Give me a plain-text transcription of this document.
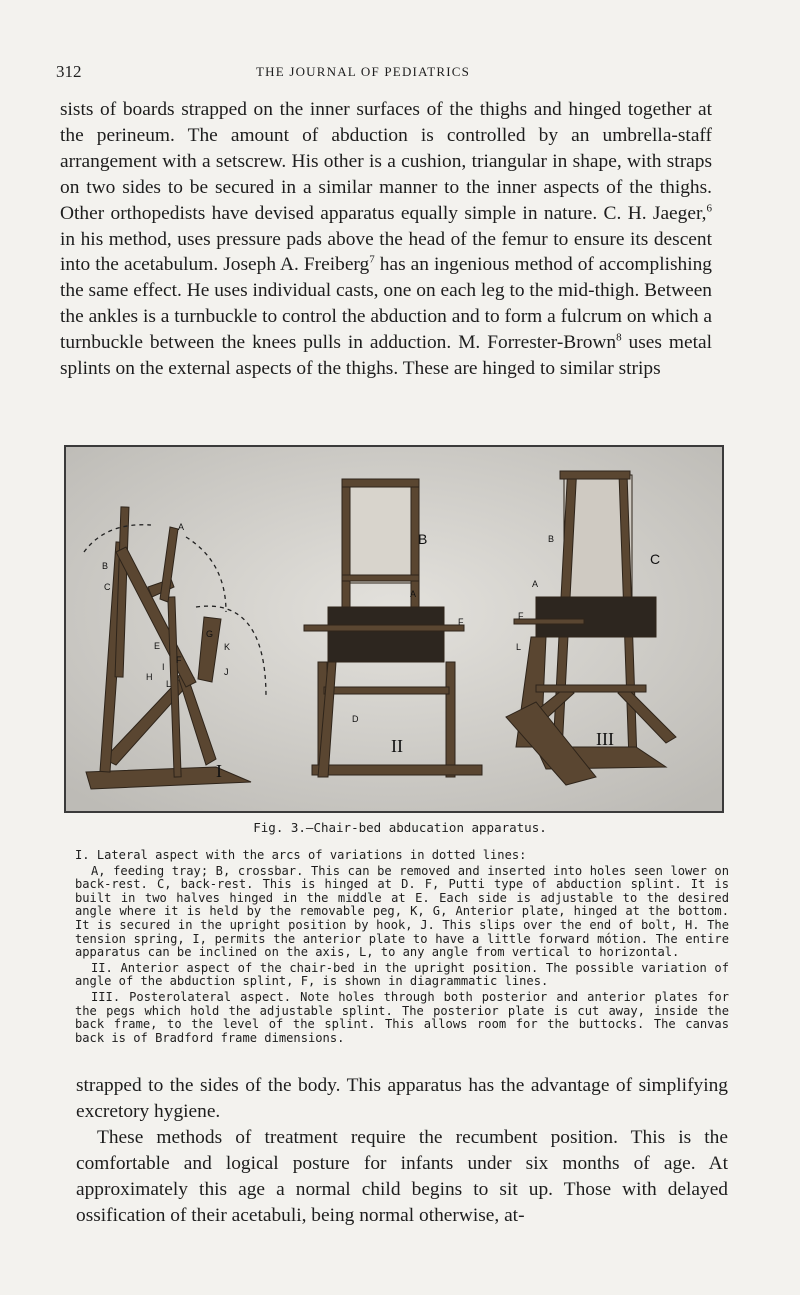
312	THE JOURNAL OF PEDIATRICS

sists of boards strapped on the inner surfaces of the thighs and hinged together at the perineum. The amount of abduction is controlled by an umbrella-staff arrangement with a setscrew. His other is a cushion, triangular in shape, with straps on two sides to be secured in a similar manner to the inner aspects of the thighs. Other orthopedists have devised apparatus equally simple in nature. C. H. Jaeger,$^6$ in his method, uses pressure pads above the head of the femur to ensure its descent into the acetabulum. Joseph A. Freiberg$^7$ has an ingenious method of accomplishing the same effect. He uses individual casts, one on each leg to the mid-thigh. Between the ankles is a turnbuckle to control the abduction and to form a fulcrum on which a turnbuckle between the knees pulls in adduction. M. Forrester-Brown$^8$ uses metal splints on the external aspects of the thighs. These are hinged to similar strips

A
B
C
E
F
G
H
I	J
K
L
B
A
F
D
B
C
A
F
L
I
II	III
Fig. 3.—Chair-bed abducation apparatus.

I. Lateral aspect with the arcs of variations in dotted lines:

A, feeding tray; B, crossbar. This can be removed and inserted into holes seen lower on back-rest. C, back-rest. This is hinged at D. F, Putti type of abduction splint. It is built in two halves hinged in the middle at E. Each side is adjustable to the desired angle where it is held by the removable peg, K, G, Anterior plate, hinged at the bottom. It is secured in the upright position by hook, J. This slips over the end of bolt, H. The tension spring, I, permits the anterior plate to have a little forward mótion. The entire apparatus can be inclined on the axis, L, to any angle from vertical to horizontal.

II. Anterior aspect of the chair-bed in the upright position. The possible variation of angle of the abduction splint, F, is shown in diagrammatic lines.

III. Posterolateral aspect. Note holes through both posterior and anterior plates for the pegs which hold the adjustable splint. The posterior plate is cut away, inside the back frame, to the level of the splint. This allows room for the buttocks. The canvas back is of Bradford frame dimensions.

strapped to the sides of the body. This apparatus has the advantage of simplifying excretory hygiene.
These methods of treatment require the recumbent position. This is the comfortable and logical posture for infants under six months of age. At approximately this age a normal child begins to sit up. Those with delayed ossification of their acetabuli, being normal otherwise, at-
